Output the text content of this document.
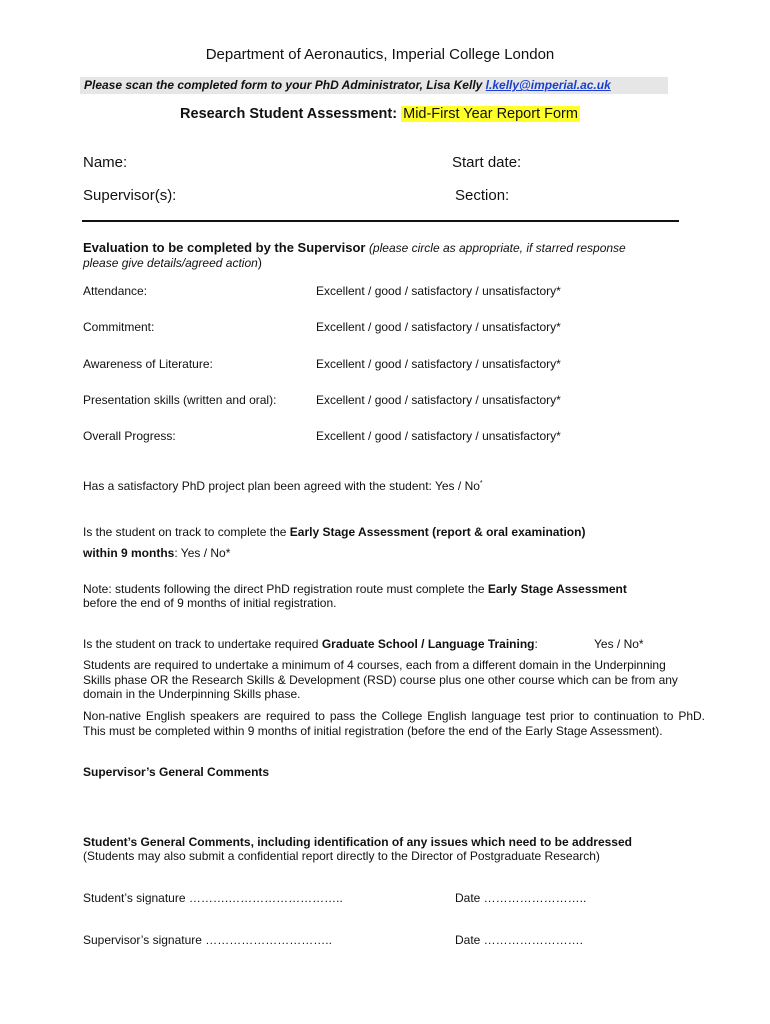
Department of Aeronautics, Imperial College London
Please scan the completed form to your PhD Administrator, Lisa Kelly l.kelly@imperial.ac.uk
Research Student Assessment: Mid-First Year Report Form
Name:	Start date:
Supervisor(s):	Section:
Evaluation to be completed by the Supervisor (please circle as appropriate, if starred response
please give details/agreed action)
Attendance:	Excellent / good / satisfactory / unsatisfactory*
Commitment:	Excellent / good / satisfactory / unsatisfactory*
Awareness of Literature:	Excellent / good / satisfactory / unsatisfactory*
Presentation skills (written and oral):	Excellent / good / satisfactory / unsatisfactory*
Overall Progress:	Excellent / good / satisfactory / unsatisfactory*
Has a satisfactory PhD project plan been agreed with the student: Yes / No*
Is the student on track to complete the Early Stage Assessment (report & oral examination)
within 9 months: Yes / No*
Note: students following the direct PhD registration route must complete the Early Stage Assessment
before the end of 9 months of initial registration.
Is the student on track to undertake required Graduate School / Language Training:	Yes / No*
Students are required to undertake a minimum of 4 courses, each from a different domain in the Underpinning Skills phase OR the Research Skills & Development (RSD) course plus one other course which can be from any domain in the Underpinning Skills phase.
Non-native English speakers are required to pass the College English language test prior to continuation to PhD. This must be completed within 9 months of initial registration (before the end of the Early Stage Assessment).
Supervisor’s General Comments
Student’s General Comments, including identification of any issues which need to be addressed
(Students may also submit a confidential report directly to the Director of Postgraduate Research)
Student’s signature ……….………………………..	Date ……………………..
Supervisor’s signature …………………………..	Date …………………….
